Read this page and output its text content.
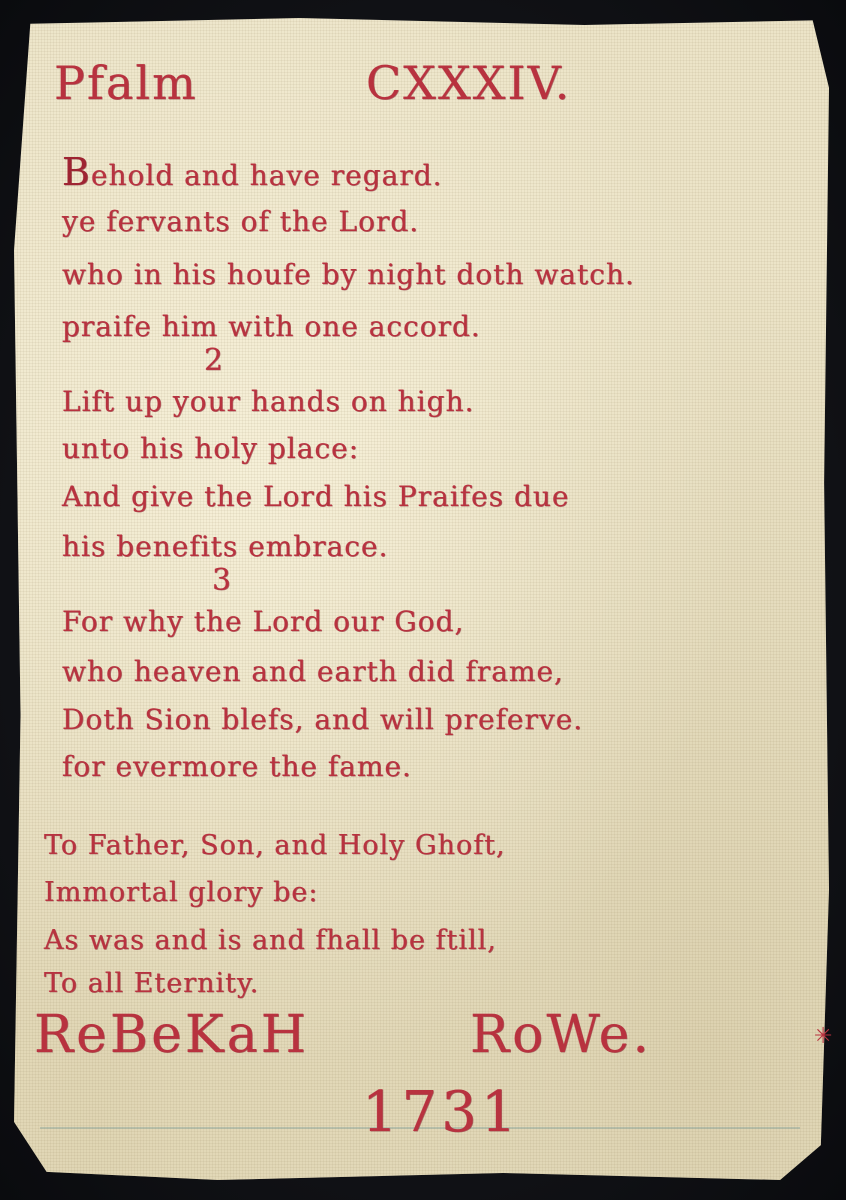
Pfalm	CXXXIV.
Behold and have regard.
ye fervants of the Lord.
who in his houfe by night doth watch.
praife him with one accord.
2
Lift up your hands on high.
unto his holy place:
And give the Lord his Praifes due
his benefits embrace.
3
For why the Lord our God,
who heaven and earth did frame,
Doth Sion blefs, and will preferve.
for evermore the fame.
To Father, Son, and Holy Ghoft,
Immortal glory be:
As was and is and fhall be ftill,
To all Eternity.
ReBeKaH	RoWe.	✳
1731
